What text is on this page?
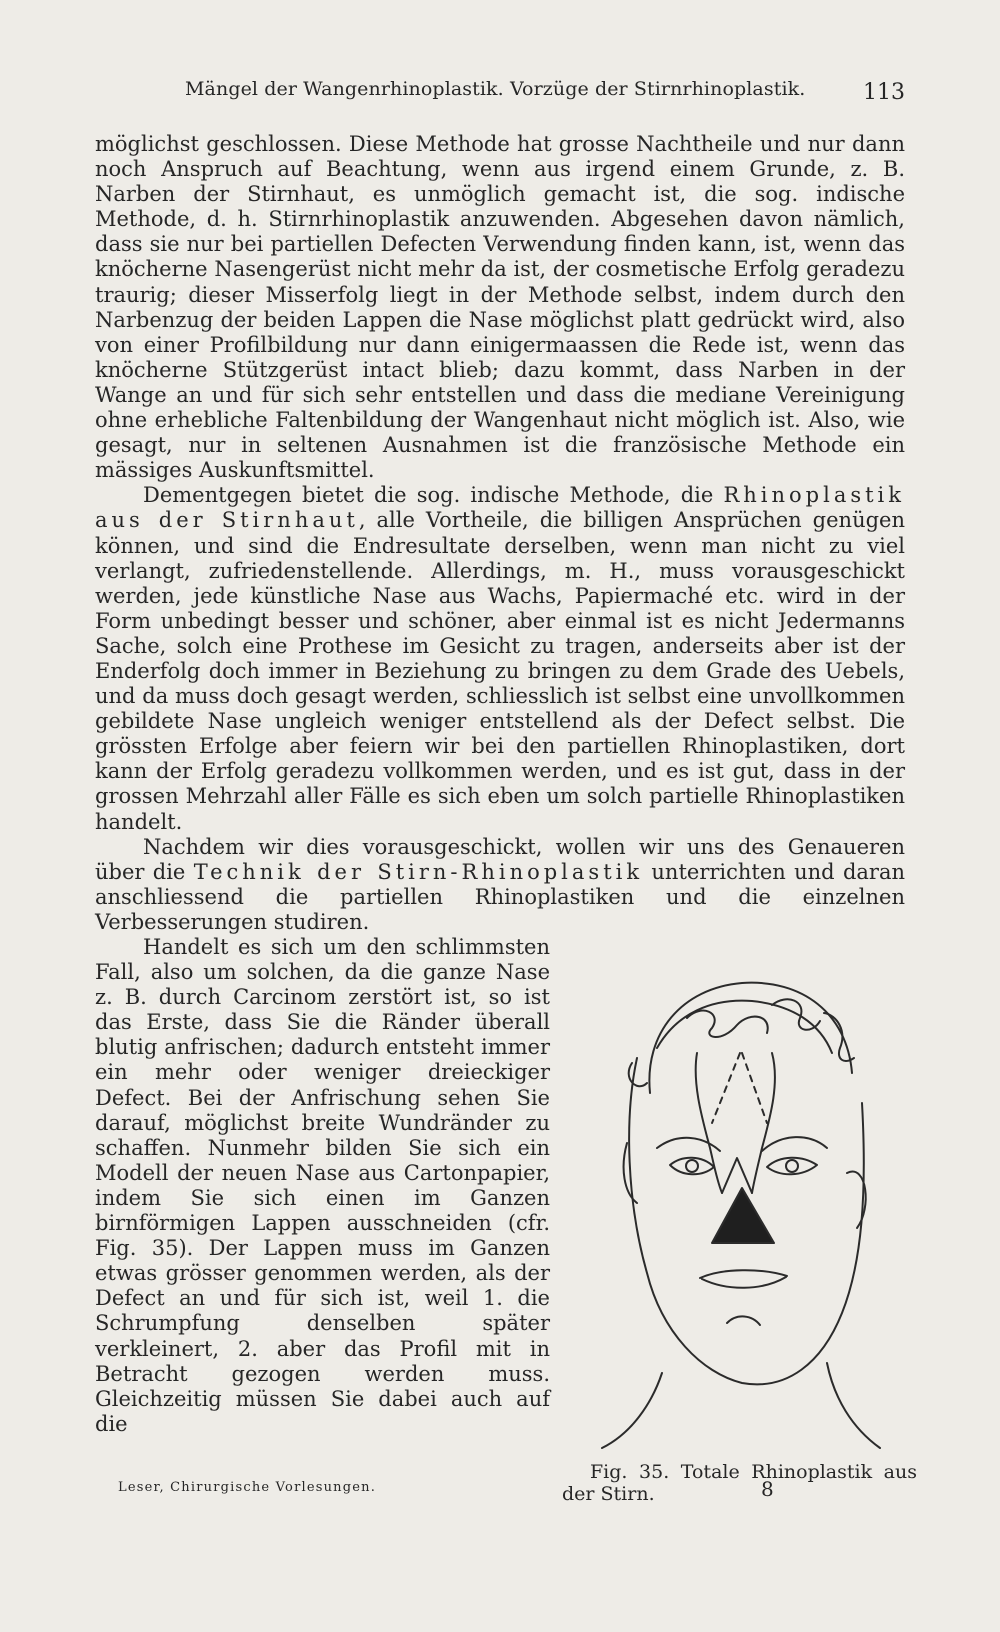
Mängel der Wangenrhinoplastik. Vorzüge der Stirnrhinoplastik.	113

möglichst geschlossen. Diese Methode hat grosse Nachtheile und nur dann noch Anspruch auf Beachtung, wenn aus irgend einem Grunde, z. B. Narben der Stirnhaut, es unmöglich gemacht ist, die sog. indische Methode, d. h. Stirnrhinoplastik anzuwenden. Abgesehen davon nämlich, dass sie nur bei partiellen Defecten Verwendung finden kann, ist, wenn das knöcherne Nasengerüst nicht mehr da ist, der cosmetische Erfolg geradezu traurig; dieser Misserfolg liegt in der Methode selbst, indem durch den Narbenzug der beiden Lappen die Nase möglichst platt gedrückt wird, also von einer Profilbildung nur dann einigermaassen die Rede ist, wenn das knöcherne Stützgerüst intact blieb; dazu kommt, dass Narben in der Wange an und für sich sehr entstellen und dass die mediane Vereinigung ohne erhebliche Faltenbildung der Wangenhaut nicht möglich ist. Also, wie gesagt, nur in seltenen Ausnahmen ist die französische Methode ein mässiges Auskunftsmittel.

Dementgegen bietet die sog. indische Methode, die Rhinoplastik aus der Stirnhaut, alle Vortheile, die billigen Ansprüchen genügen können, und sind die Endresultate derselben, wenn man nicht zu viel verlangt, zufriedenstellende. Allerdings, m. H., muss vorausgeschickt werden, jede künstliche Nase aus Wachs, Papiermaché etc. wird in der Form unbedingt besser und schöner, aber einmal ist es nicht Jedermanns Sache, solch eine Prothese im Gesicht zu tragen, anderseits aber ist der Enderfolg doch immer in Beziehung zu bringen zu dem Grade des Uebels, und da muss doch gesagt werden, schliesslich ist selbst eine unvollkommen gebildete Nase ungleich weniger entstellend als der Defect selbst. Die grössten Erfolge aber feiern wir bei den partiellen Rhinoplastiken, dort kann der Erfolg geradezu vollkommen werden, und es ist gut, dass in der grossen Mehrzahl aller Fälle es sich eben um solch partielle Rhinoplastiken handelt.

Nachdem wir dies vorausgeschickt, wollen wir uns des Genaueren über die Technik der Stirn-Rhinoplastik unterrichten und daran anschliessend die partiellen Rhinoplastiken und die einzelnen Verbesserungen studiren.

Fig. 35. Totale Rhinoplastik aus der Stirn.

Handelt es sich um den schlimmsten Fall, also um solchen, da die ganze Nase z. B. durch Carcinom zerstört ist, so ist das Erste, dass Sie die Ränder überall blutig anfrischen; dadurch entsteht immer ein mehr oder weniger dreieckiger Defect. Bei der Anfrischung sehen Sie darauf, möglichst breite Wundränder zu schaffen. Nunmehr bilden Sie sich ein Modell der neuen Nase aus Cartonpapier, indem Sie sich einen im Ganzen birnförmigen Lappen ausschneiden (cfr. Fig. 35). Der Lappen muss im Ganzen etwas grösser genommen werden, als der Defect an und für sich ist, weil 1. die Schrumpfung denselben später verkleinert, 2. aber das Profil mit in Betracht gezogen werden muss. Gleichzeitig müssen Sie dabei auch auf die

Leser, Chirurgische Vorlesungen.	8
